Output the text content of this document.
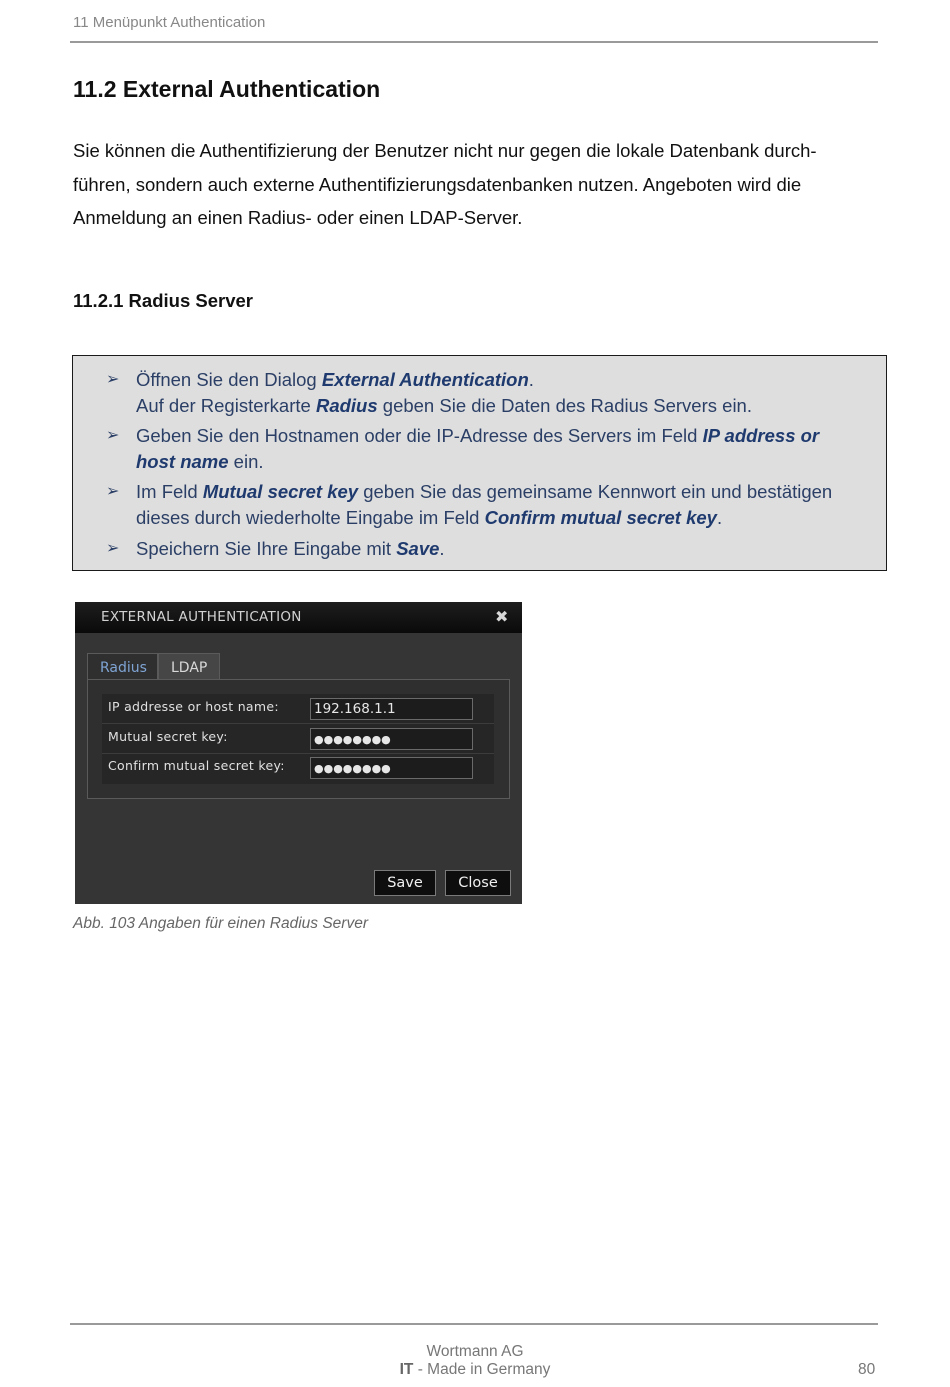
11 Menüpunkt Authentication
11.2 External Authentication
Sie können die Authentifizierung der Benutzer nicht nur gegen die lokale Datenbank durch-
führen, sondern auch externe Authentifizierungsdatenbanken nutzen. Angeboten wird die
Anmeldung an einen Radius- oder einen LDAP-Server.
11.2.1 Radius Server
➢ Öffnen Sie den Dialog External Authentication.
Auf der Registerkarte Radius geben Sie die Daten des Radius Servers ein.
➢ Geben Sie den Hostnamen oder die IP-Adresse des Servers im Feld IP address or
host name ein.
➢ Im Feld Mutual secret key geben Sie das gemeinsame Kennwort ein und bestätigen
dieses durch wiederholte Eingabe im Feld Confirm mutual secret key.
➢ Speichern Sie Ihre Eingabe mit Save.
EXTERNAL AUTHENTICATION	✖
Radius	LDAP
IP addresse or host name:	192.168.1.1
Mutual secret key:	●●●●●●●●
Confirm mutual secret key:	●●●●●●●●
Save	Close
Abb. 103 Angaben für einen Radius Server
Wortmann AG
IT - Made in Germany	80
